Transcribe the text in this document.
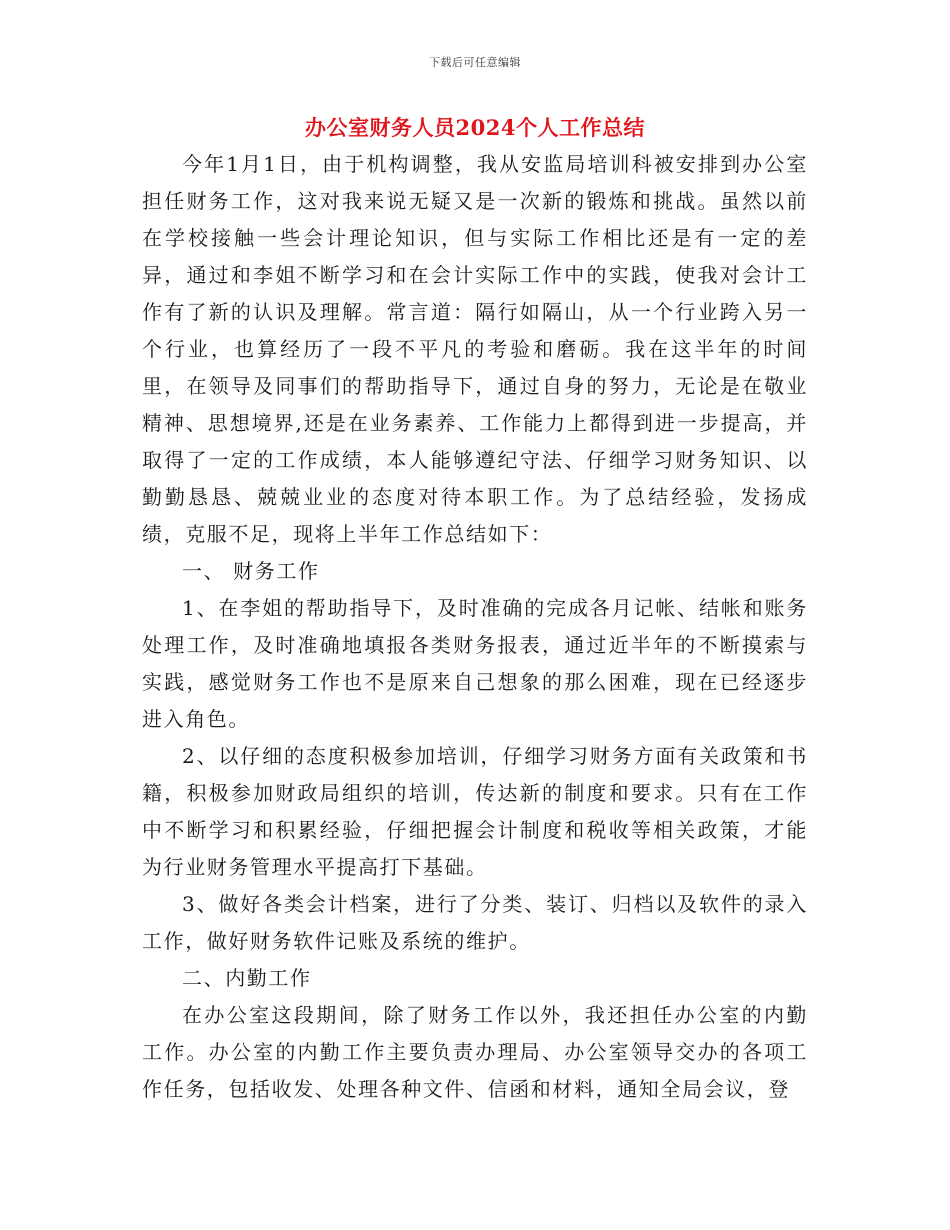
下载后可任意编辑
办公室财务人员2024个人工作总结

今年1月1日，由于机构调整，我从安监局培训科被安排到办公室担任财务工作，这对我来说无疑又是一次新的锻炼和挑战。虽然以前在学校接触一些会计理论知识，但与实际工作相比还是有一定的差异，通过和李姐不断学习和在会计实际工作中的实践，使我对会计工作有了新的认识及理解。常言道：隔行如隔山，从一个行业跨入另一个行业，也算经历了一段不平凡的考验和磨砺。我在这半年的时间里，在领导及同事们的帮助指导下，通过自身的努力，无论是在敬业精神、思想境界,还是在业务素养、工作能力上都得到进一步提高，并取得了一定的工作成绩，本人能够遵纪守法、仔细学习财务知识、以勤勤恳恳、兢兢业业的态度对待本职工作。为了总结经验，发扬成绩，克服不足，现将上半年工作总结如下：

一、 财务工作

1、在李姐的帮助指导下，及时准确的完成各月记帐、结帐和账务处理工作，及时准确地填报各类财务报表，通过近半年的不断摸索与实践，感觉财务工作也不是原来自己想象的那么困难，现在已经逐步进入角色。

2、以仔细的态度积极参加培训，仔细学习财务方面有关政策和书籍，积极参加财政局组织的培训，传达新的制度和要求。只有在工作中不断学习和积累经验，仔细把握会计制度和税收等相关政策，才能为行业财务管理水平提高打下基础。

3、做好各类会计档案，进行了分类、装订、归档以及软件的录入工作，做好财务软件记账及系统的维护。

二、内勤工作

在办公室这段期间，除了财务工作以外，我还担任办公室的内勤工作。办公室的内勤工作主要负责办理局、办公室领导交办的各项工作任务，包括收发、处理各种文件、信函和材料，通知全局会议，登
